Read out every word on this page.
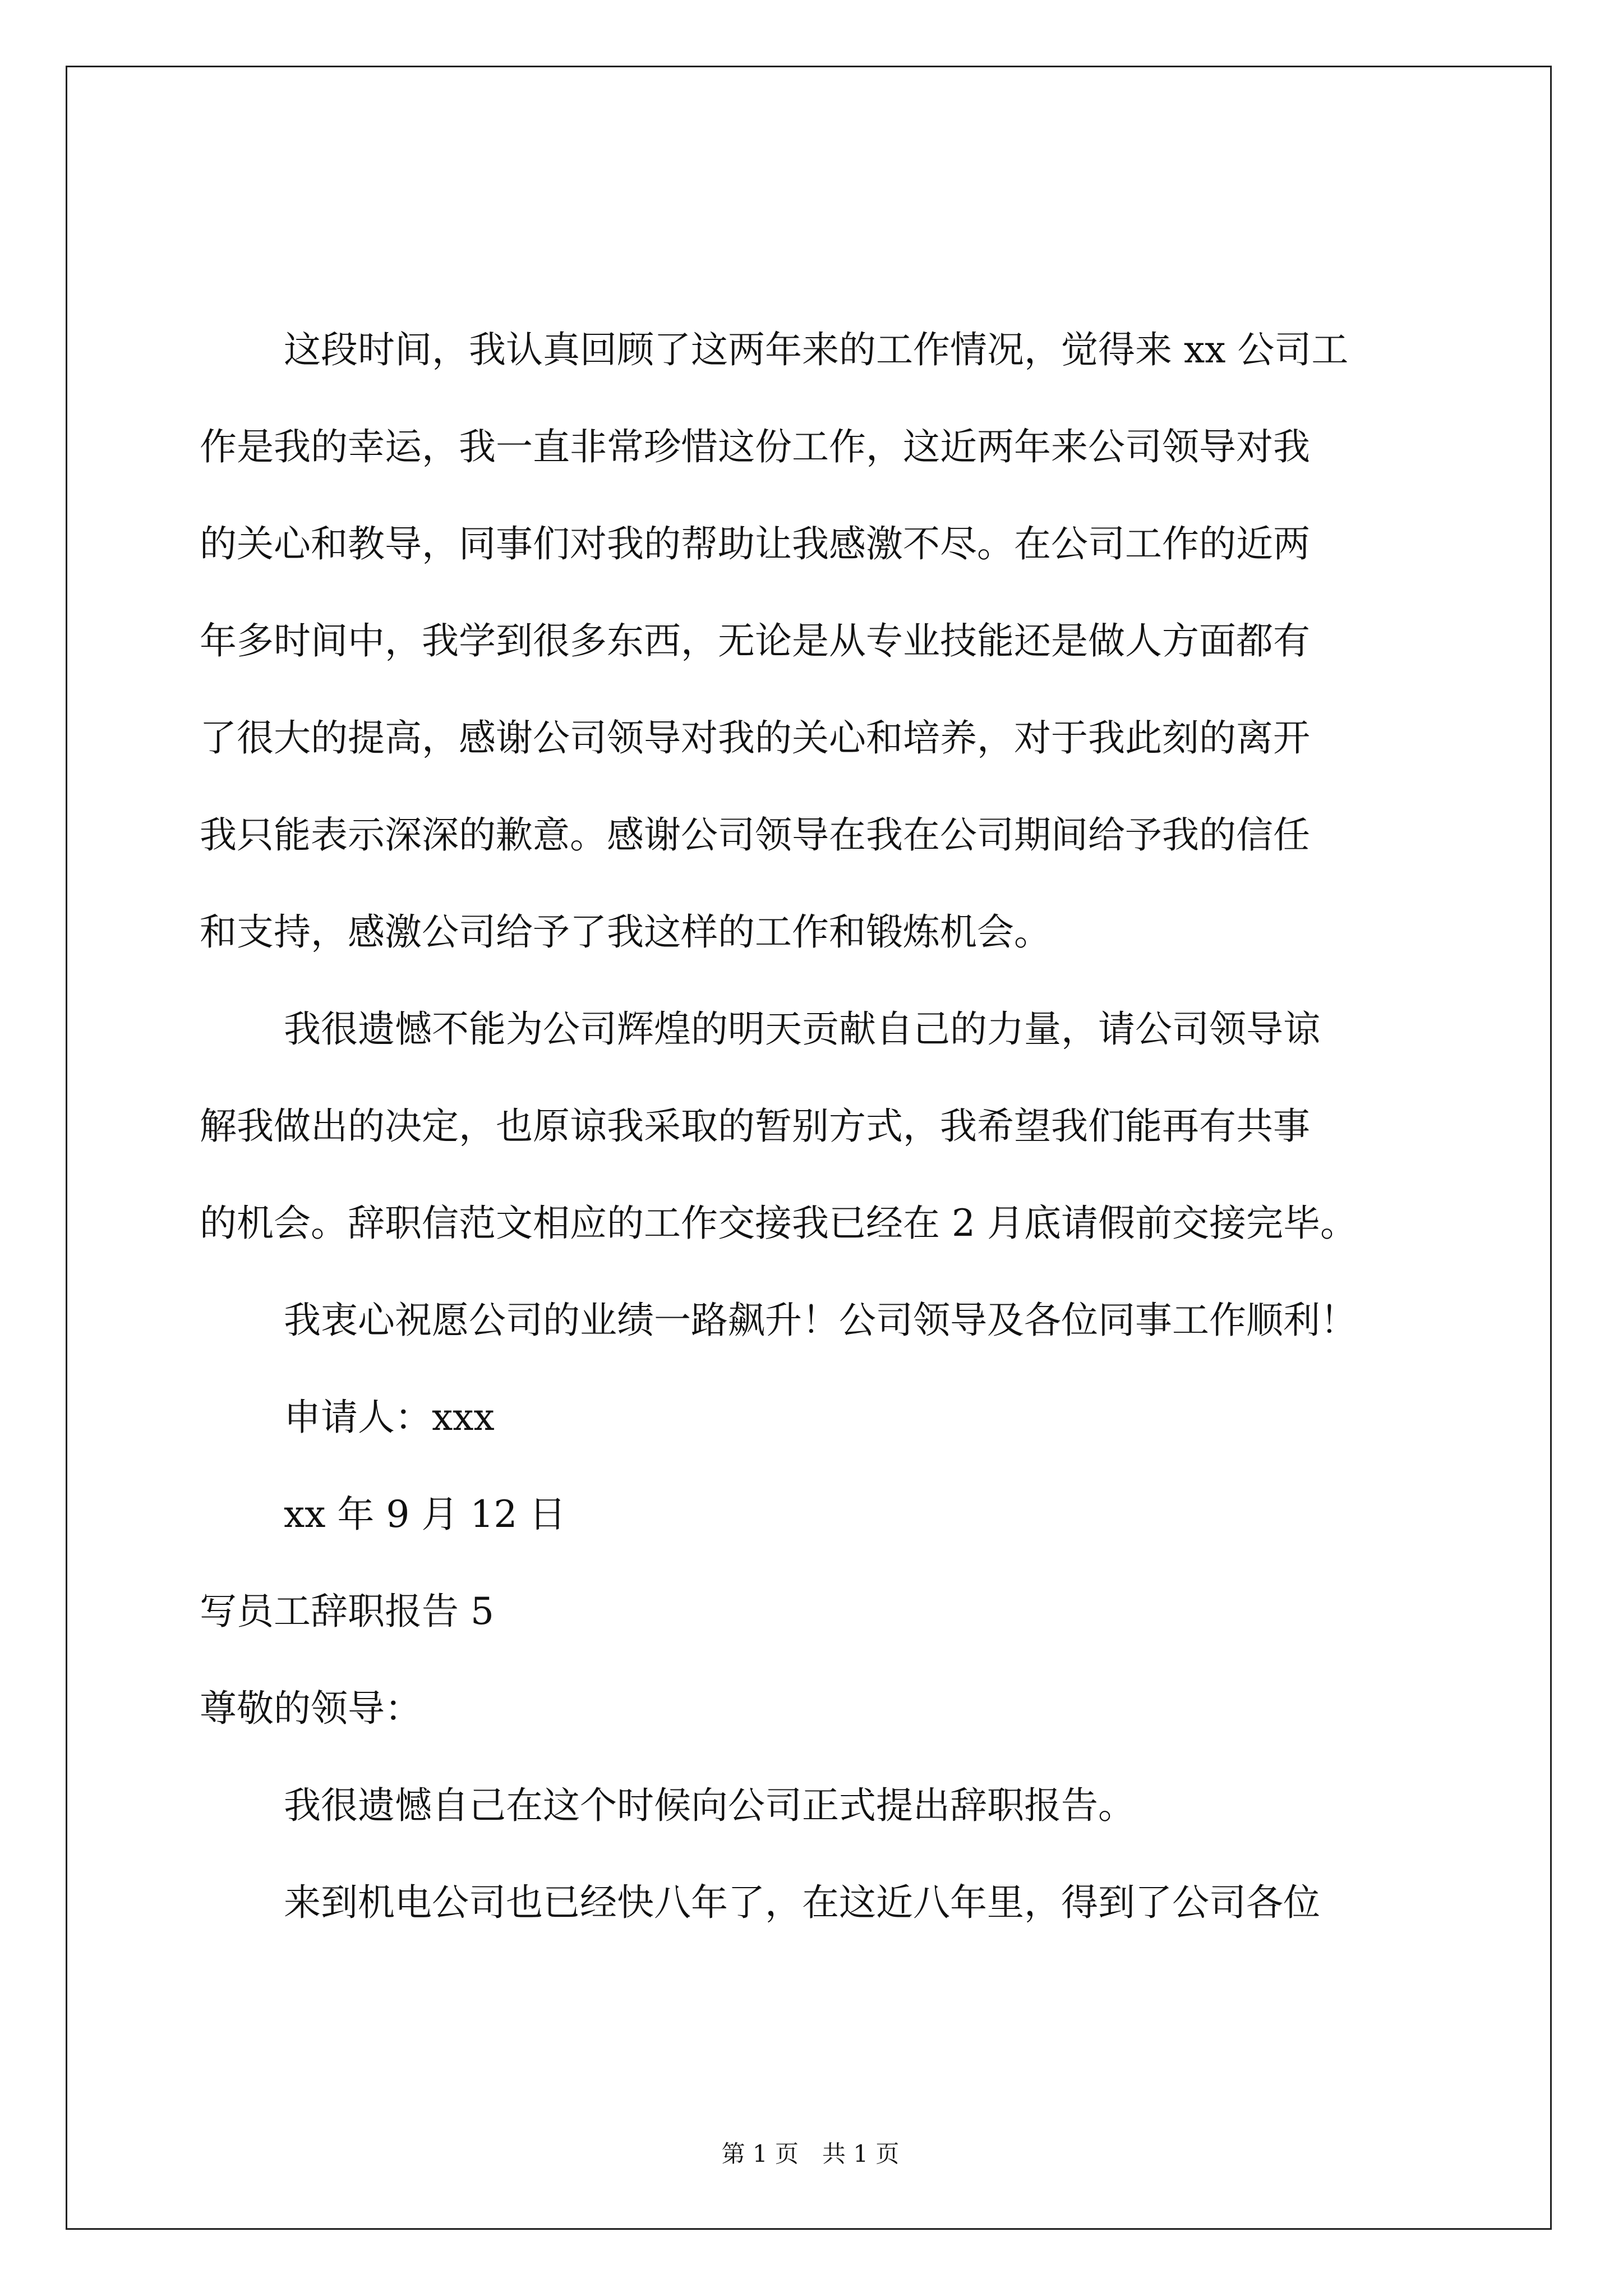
这段时间，我认真回顾了这两年来的工作情况，觉得来 xx 公司工
作是我的幸运，我一直非常珍惜这份工作，这近两年来公司领导对我
的关心和教导，同事们对我的帮助让我感激不尽。在公司工作的近两
年多时间中，我学到很多东西，无论是从专业技能还是做人方面都有
了很大的提高，感谢公司领导对我的关心和培养，对于我此刻的离开
我只能表示深深的歉意。感谢公司领导在我在公司期间给予我的信任
和支持，感激公司给予了我这样的工作和锻炼机会。
我很遗憾不能为公司辉煌的明天贡献自己的力量，请公司领导谅
解我做出的决定，也原谅我采取的暂别方式，我希望我们能再有共事
的机会。辞职信范文相应的工作交接我已经在 2 月底请假前交接完毕。
我衷心祝愿公司的业绩一路飙升！公司领导及各位同事工作顺利！
申请人：xxx
xx 年 9 月 12 日
写员工辞职报告 5
尊敬的领导：
我很遗憾自己在这个时候向公司正式提出辞职报告。
来到机电公司也已经快八年了，在这近八年里，得到了公司各位
第 1 页　共 1 页
